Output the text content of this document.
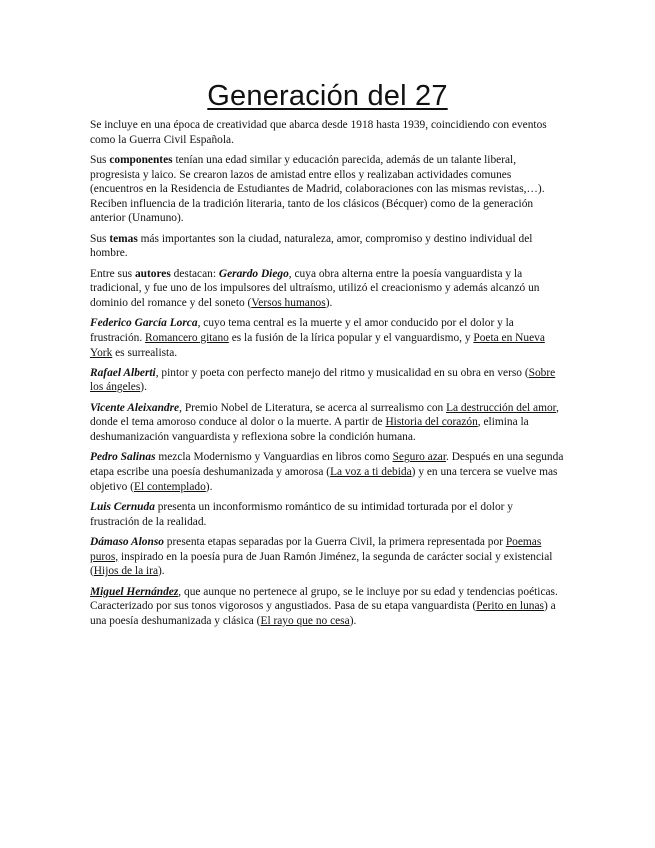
Generación del 27

Se incluye en una época de creatividad que abarca desde 1918 hasta 1939, coincidiendo con eventos como la Guerra Civil Española.

Sus componentes tenían una edad similar y educación parecida, además de un talante liberal, progresista y laico. Se crearon lazos de amistad entre ellos y realizaban actividades comunes (encuentros en la Residencia de Estudiantes de Madrid, colaboraciones con las mismas revistas,…). Reciben influencia de la tradición literaria, tanto de los clásicos (Bécquer) como de la generación anterior (Unamuno).

Sus temas más importantes son la ciudad, naturaleza, amor, compromiso y destino individual del hombre.

Entre sus autores destacan: Gerardo Diego, cuya obra alterna entre la poesía vanguardista y la tradicional, y fue uno de los impulsores del ultraísmo, utilizó el creacionismo y además alcanzó un dominio del romance y del soneto (Versos humanos).

Federico García Lorca, cuyo tema central es la muerte y el amor conducido por el dolor y la frustración. Romancero gitano es la fusión de la lírica popular y el vanguardismo, y Poeta en Nueva York es surrealista.

Rafael Alberti, pintor y poeta con perfecto manejo del ritmo y musicalidad en su obra en verso (Sobre los ángeles).

Vicente Aleixandre, Premio Nobel de Literatura, se acerca al surrealismo con La destrucción del amor, donde el tema amoroso conduce al dolor o la muerte. A partir de Historia del corazón, elimina la deshumanización vanguardista y reflexiona sobre la condición humana.

Pedro Salinas mezcla Modernismo y Vanguardias en libros como Seguro azar. Después en una segunda etapa escribe una poesía deshumanizada y amorosa (La voz a ti debida) y en una tercera se vuelve mas objetivo (El contemplado).

Luis Cernuda presenta un inconformismo romántico de su intimidad torturada por el dolor y frustración de la realidad.

Dámaso Alonso presenta etapas separadas por la Guerra Civil, la primera representada por Poemas puros, inspirado en la poesía pura de Juan Ramón Jiménez, la segunda de carácter social y existencial (Hijos de la ira).

Miguel Hernández, que aunque no pertenece al grupo, se le incluye por su edad y tendencias poéticas. Caracterizado por sus tonos vigorosos y angustiados. Pasa de su etapa vanguardista (Perito en lunas) a una poesía deshumanizada y clásica (El rayo que no cesa).
